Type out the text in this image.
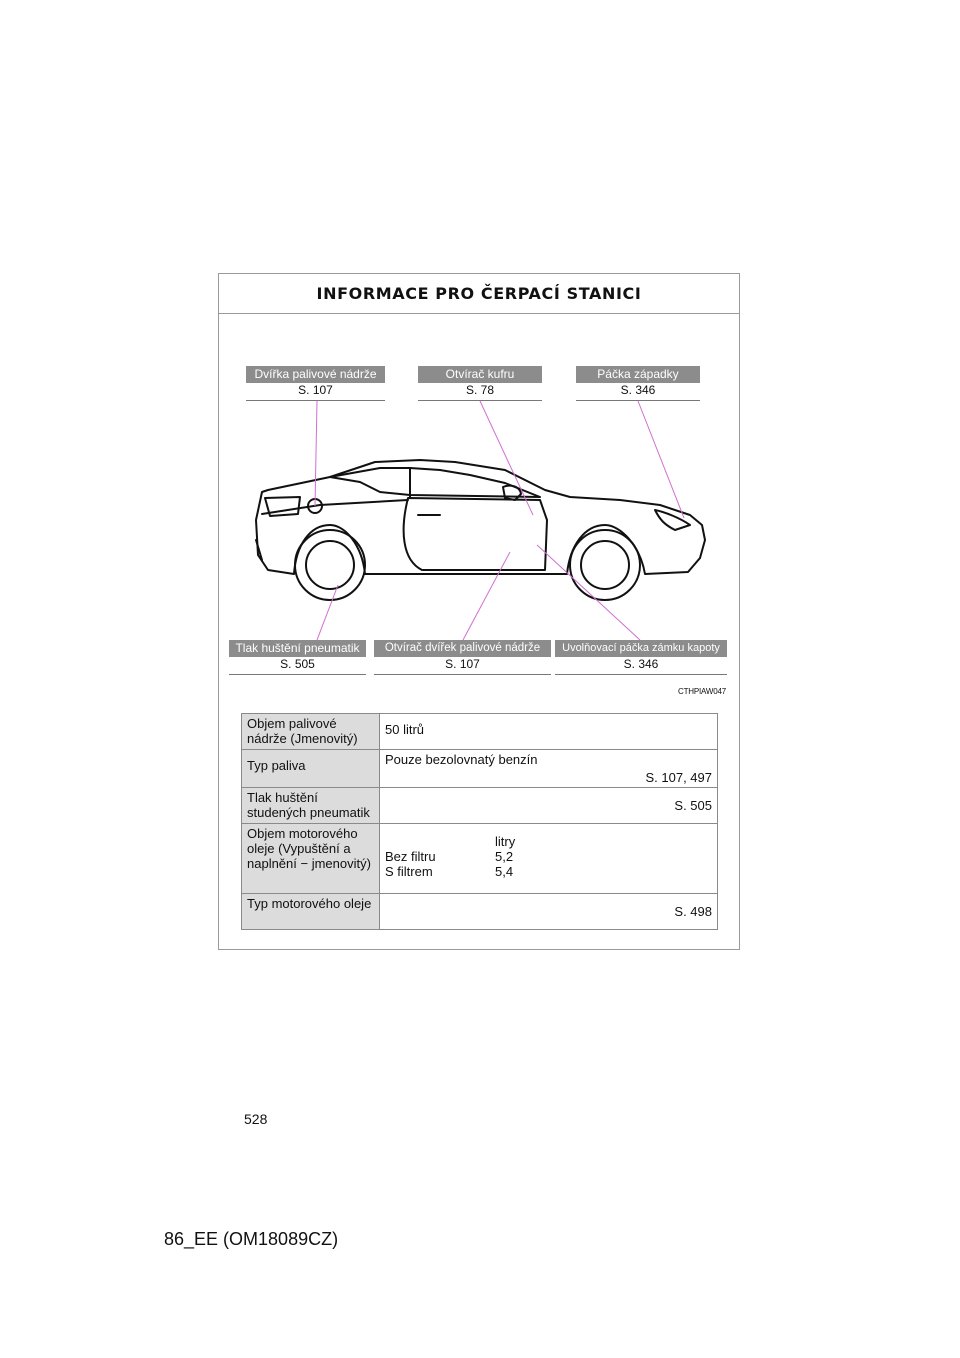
INFORMACE PRO ČERPACÍ STANICI
Dvířka palivové nádrže
S. 107
Otvírač kufru
S. 78
Páčka západky
S. 346
Tlak huštění pneumatik
S. 505
Otvírač dvířek palivové nádrže
S. 107
Uvolňovací páčka zámku kapoty
S. 346
CTHPIAW047
Objem palivové nádrže (Jmenovitý)	50 litrů
Typ paliva	Pouze bezolovnatý benzín
S. 107, 497

Tlak huštění studených pneumatik	S. 505
Objem motorového oleje (Vypuštění a naplnění − jmenovitý)	litry
Bez filtru 5,2
S filtrem 5,4

Typ motorového oleje	S. 498
528
86_EE (OM18089CZ)
